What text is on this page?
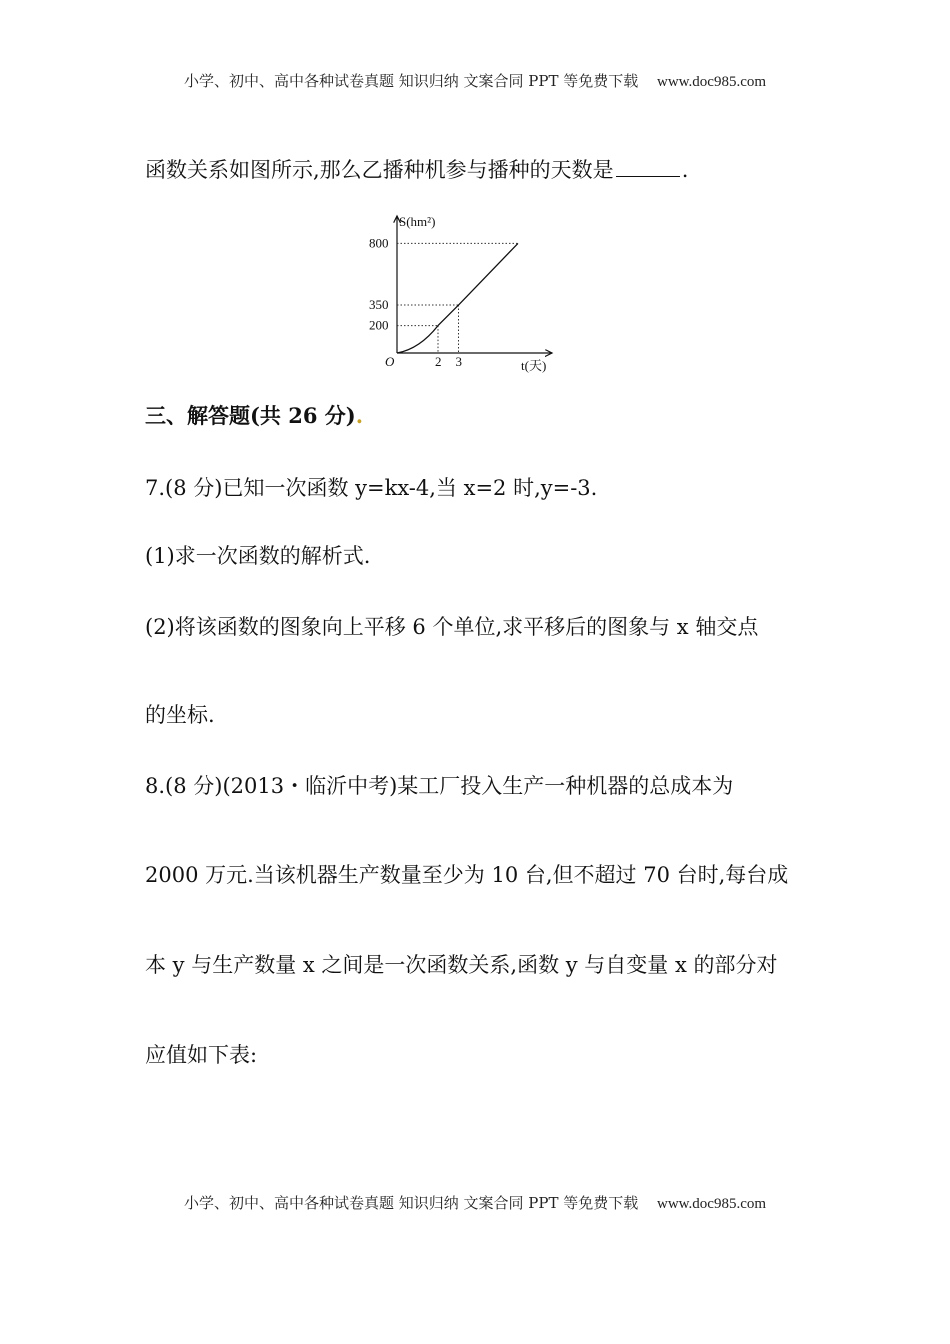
小学、初中、高中各种试卷真题 知识归纳 文案合同 PPT 等免费下载 www.doc985.com
函数关系如图所示,那么乙播种机参与播种的天数是	.
S(hm²)
t(天)
O
200
350
800
2 3
三、解答题(共 26 分).
7.(8 分)已知一次函数 y=kx-4,当 x=2 时,y=-3.
(1)求一次函数的解析式.
(2)将该函数的图象向上平移 6 个单位,求平移后的图象与 x 轴交点
的坐标.
8.(8 分)(2013・临沂中考)某工厂投入生产一种机器的总成本为
2000 万元.当该机器生产数量至少为 10 台,但不超过 70 台时,每台成
本 y 与生产数量 x 之间是一次函数关系,函数 y 与自变量 x 的部分对
应值如下表:
小学、初中、高中各种试卷真题 知识归纳 文案合同 PPT 等免费下载 www.doc985.com
